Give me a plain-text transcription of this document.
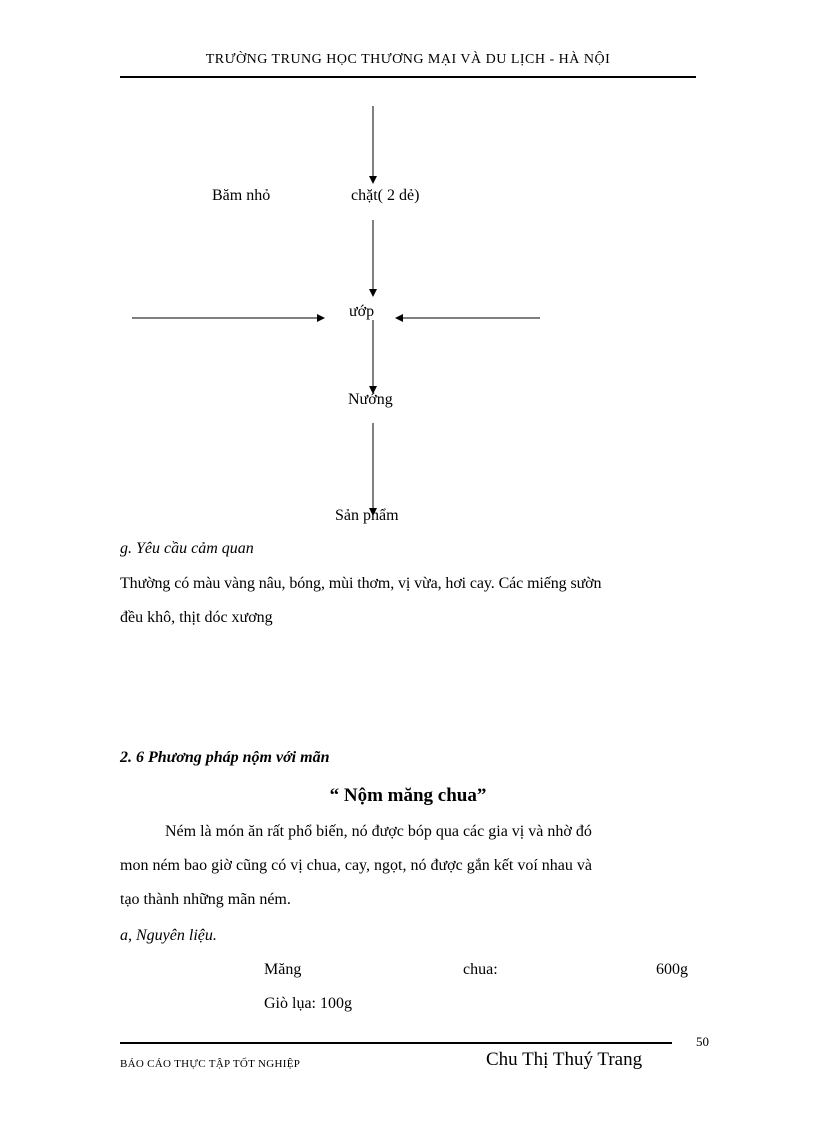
TRƯỜNG TRUNG HỌC THƯƠNG MẠI VÀ DU LỊCH - HÀ NỘI
Băm nhỏ	chặt( 2 dẻ)
ướp
Nướng
Sản phẩm
g. Yêu cầu cảm quan
Thường có màu vàng nâu, bóng, mùi thơm, vị vừa, hơi cay. Các miếng sườn
đều khô, thịt dóc xương
2. 6 Phương pháp nộm với mãn
“ Nộm măng chua”
Ném là món ăn rất phổ biến, nó được bóp qua các gia vị và nhờ đó
mon ném bao giờ cũng có vị chua, cay, ngọt, nó được gắn kết voí nhau và
tạo thành những mãn ném.
a, Nguyên liệu.
Măng	chua:	600g
Giò lụa: 100g
50
BÁO CÁO THỰC TẬP TỐT NGHIỆP	Chu Thị Thuý Trang
